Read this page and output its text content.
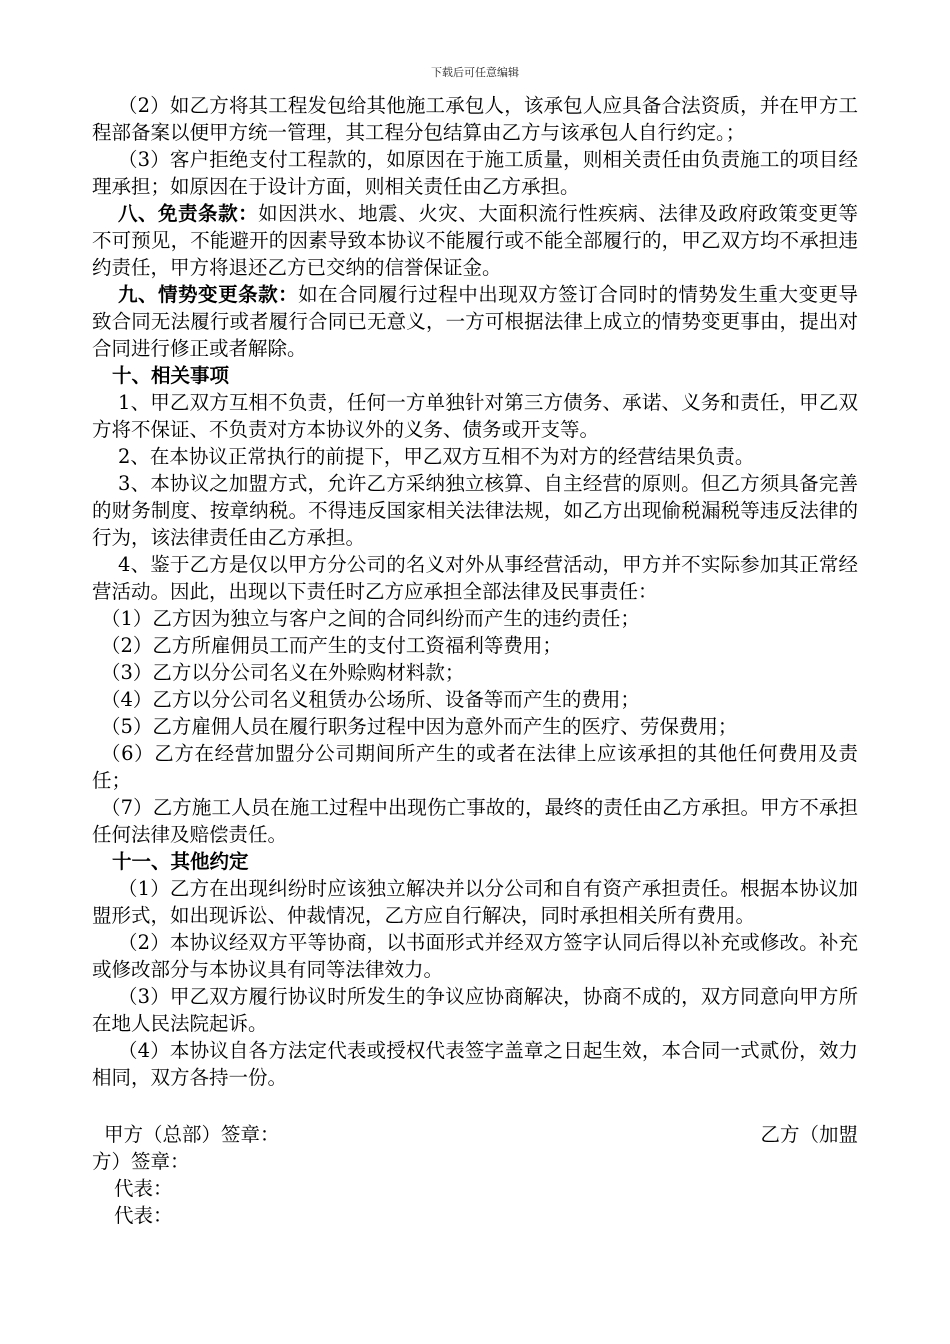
下载后可任意编辑

（2）如乙方将其工程发包给其他施工承包人，该承包人应具备合法资质，并在甲方工程部备案以便甲方统一管理，其工程分包结算由乙方与该承包人自行约定。；

（3）客户拒绝支付工程款的，如原因在于施工质量，则相关责任由负责施工的项目经理承担；如原因在于设计方面，则相关责任由乙方承担。

八、免责条款：如因洪水、地震、火灾、大面积流行性疾病、法律及政府政策变更等不可预见，不能避开的因素导致本协议不能履行或不能全部履行的，甲乙双方均不承担违约责任，甲方将退还乙方已交纳的信誉保证金。

九、情势变更条款：如在合同履行过程中出现双方签订合同时的情势发生重大变更导致合同无法履行或者履行合同已无意义，一方可根据法律上成立的情势变更事由，提出对合同进行修正或者解除。

十、相关事项

1、甲乙双方互相不负责，任何一方单独针对第三方债务、承诺、义务和责任，甲乙双方将不保证、不负责对方本协议外的义务、债务或开支等。

2、在本协议正常执行的前提下，甲乙双方互相不为对方的经营结果负责。

3、本协议之加盟方式，允许乙方采纳独立核算、自主经营的原则。但乙方须具备完善的财务制度、按章纳税。不得违反国家相关法律法规，如乙方出现偷税漏税等违反法律的行为，该法律责任由乙方承担。

4、鉴于乙方是仅以甲方分公司的名义对外从事经营活动，甲方并不实际参加其正常经营活动。因此，出现以下责任时乙方应承担全部法律及民事责任：

（1）乙方因为独立与客户之间的合同纠纷而产生的违约责任；

（2）乙方所雇佣员工而产生的支付工资福利等费用；

（3）乙方以分公司名义在外赊购材料款；

（4）乙方以分公司名义租赁办公场所、设备等而产生的费用；

（5）乙方雇佣人员在履行职务过程中因为意外而产生的医疗、劳保费用；

（6）乙方在经营加盟分公司期间所产生的或者在法律上应该承担的其他任何费用及责任；

（7）乙方施工人员在施工过程中出现伤亡事故的，最终的责任由乙方承担。甲方不承担任何法律及赔偿责任。

十一、其他约定

（1）乙方在出现纠纷时应该独立解决并以分公司和自有资产承担责任。根据本协议加盟形式，如出现诉讼、仲裁情况，乙方应自行解决，同时承担相关所有费用。

（2）本协议经双方平等协商，以书面形式并经双方签字认同后得以补充或修改。补充或修改部分与本协议具有同等法律效力。

（3）甲乙双方履行协议时所发生的争议应协商解决，协商不成的，双方同意向甲方所在地人民法院起诉。

（4）本协议自各方法定代表或授权代表签字盖章之日起生效，本合同一式贰份，效力相同，双方各持一份。

甲方（总部）签章：	乙方（加盟
方）签章：
代表：
代表：
